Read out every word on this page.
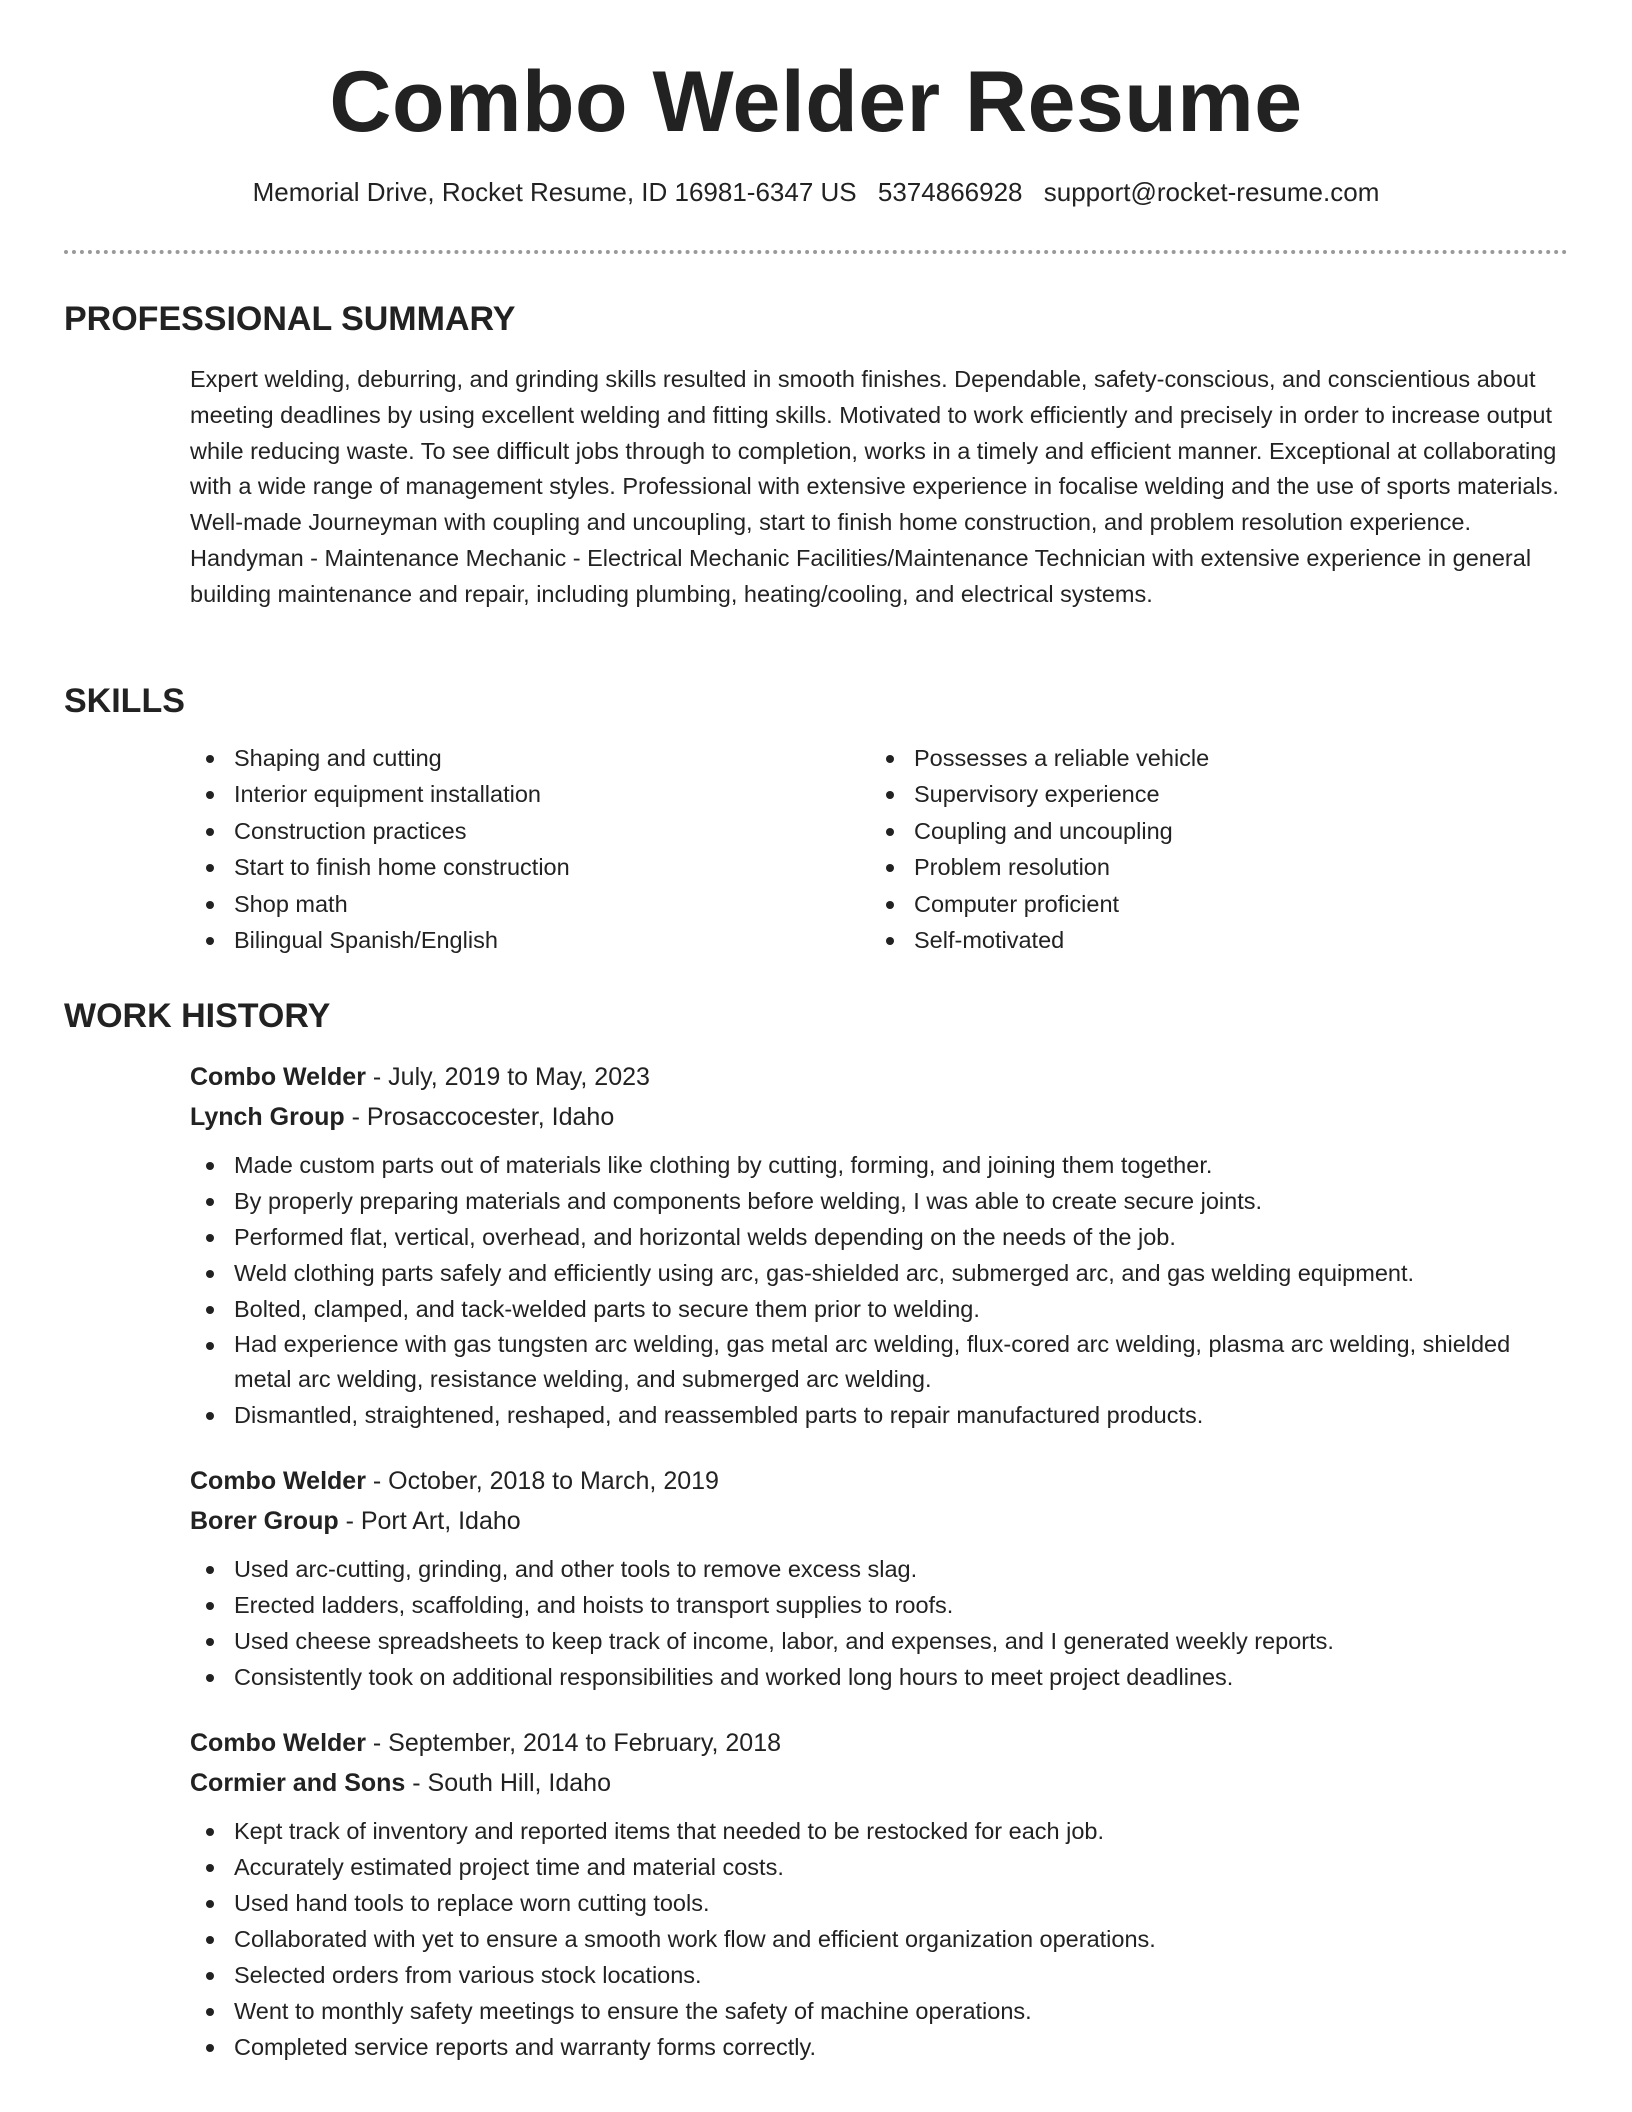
Combo Welder Resume
Memorial Drive, Rocket Resume, ID 16981-6347 US 5374866928 support@rocket-resume.com
PROFESSIONAL SUMMARY

Expert welding, deburring, and grinding skills resulted in smooth finishes. Dependable, safety-conscious, and conscientious about meeting deadlines by using excellent welding and fitting skills. Motivated to work efficiently and precisely in order to increase output while reducing waste. To see difficult jobs through to completion, works in a timely and efficient manner. Exceptional at collaborating with a wide range of management styles. Professional with extensive experience in focalise welding and the use of sports materials. Well-made Journeyman with coupling and uncoupling, start to finish home construction, and problem resolution experience. Handyman - Maintenance Mechanic - Electrical Mechanic Facilities/Maintenance Technician with extensive experience in general building maintenance and repair, including plumbing, heating/cooling, and electrical systems.

SKILLS
Shaping and cutting
Interior equipment installation
Construction practices
Start to finish home construction
Shop math
Bilingual Spanish/English
Possesses a reliable vehicle
Supervisory experience
Coupling and uncoupling
Problem resolution
Computer proficient
Self-motivated
WORK HISTORY
Combo Welder - July, 2019 to May, 2023
Lynch Group - Prosaccocester, Idaho
Made custom parts out of materials like clothing by cutting, forming, and joining them together.
By properly preparing materials and components before welding, I was able to create secure joints.
Performed flat, vertical, overhead, and horizontal welds depending on the needs of the job.
Weld clothing parts safely and efficiently using arc, gas-shielded arc, submerged arc, and gas welding equipment.
Bolted, clamped, and tack-welded parts to secure them prior to welding.
Had experience with gas tungsten arc welding, gas metal arc welding, flux-cored arc welding, plasma arc welding, shielded metal arc welding, resistance welding, and submerged arc welding.
Dismantled, straightened, reshaped, and reassembled parts to repair manufactured products.
Combo Welder - October, 2018 to March, 2019
Borer Group - Port Art, Idaho
Used arc-cutting, grinding, and other tools to remove excess slag.
Erected ladders, scaffolding, and hoists to transport supplies to roofs.
Used cheese spreadsheets to keep track of income, labor, and expenses, and I generated weekly reports.
Consistently took on additional responsibilities and worked long hours to meet project deadlines.
Combo Welder - September, 2014 to February, 2018
Cormier and Sons - South Hill, Idaho
Kept track of inventory and reported items that needed to be restocked for each job.
Accurately estimated project time and material costs.
Used hand tools to replace worn cutting tools.
Collaborated with yet to ensure a smooth work flow and efficient organization operations.
Selected orders from various stock locations.
Went to monthly safety meetings to ensure the safety of machine operations.
Completed service reports and warranty forms correctly.
